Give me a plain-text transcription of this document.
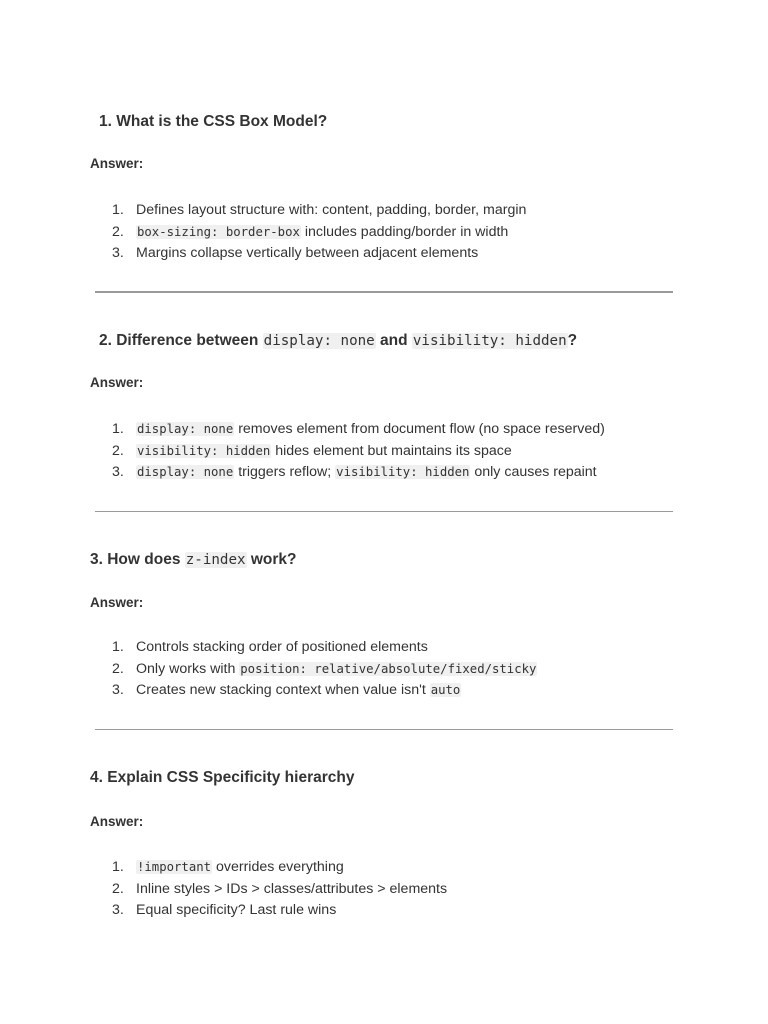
1. What is the CSS Box Model?

Answer:

1. Defines layout structure with: content, padding, border, margin
2.	box-sizing: border-box includes padding/border in width
3. Margins collapse vertically between adjacent elements
2. Difference between display: none and visibility: hidden?

Answer:

1.	display: none removes element from document flow (no space reserved)
2.	visibility: hidden hides element but maintains its space
3.	display: none triggers reflow; visibility: hidden only causes repaint
3. How does z-index work?

Answer:

1. Controls stacking order of positioned elements
2. Only works with position: relative/absolute/fixed/sticky
3. Creates new stacking context when value isn't auto
4. Explain CSS Specificity hierarchy

Answer:

1.	!important overrides everything
2. Inline styles > IDs > classes/attributes > elements
3. Equal specificity? Last rule wins
